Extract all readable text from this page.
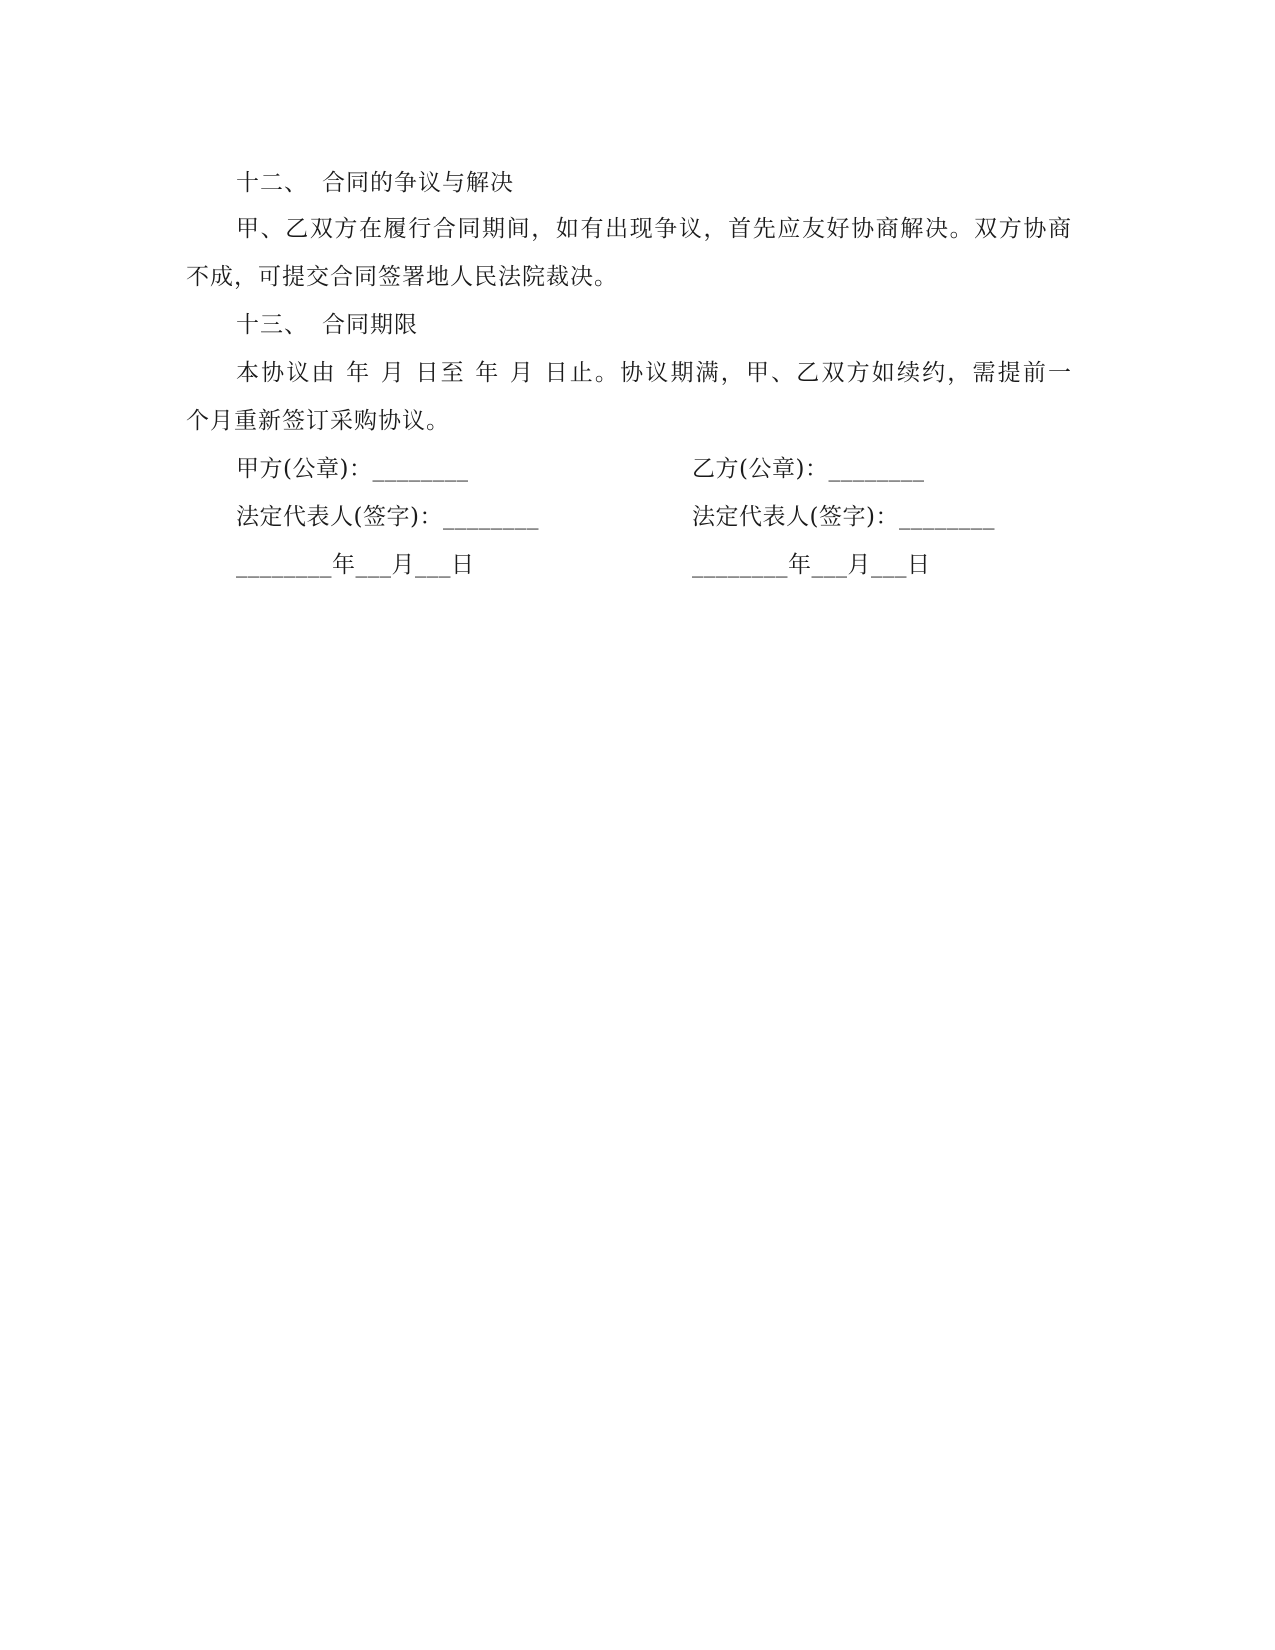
十二、 合同的争议与解决
甲、乙双方在履行合同期间，如有出现争议，首先应友好协商解决。双方协商
不成，可提交合同签署地人民法院裁决。
十三、 合同期限
本协议由 年 月 日至 年 月 日止。协议期满，甲、乙双方如续约，需提前一
个月重新签订采购协议。
甲方(公章)：________
法定代表人(签字)：________
________年___月___日
乙方(公章)：________
法定代表人(签字)：________
________年___月___日
